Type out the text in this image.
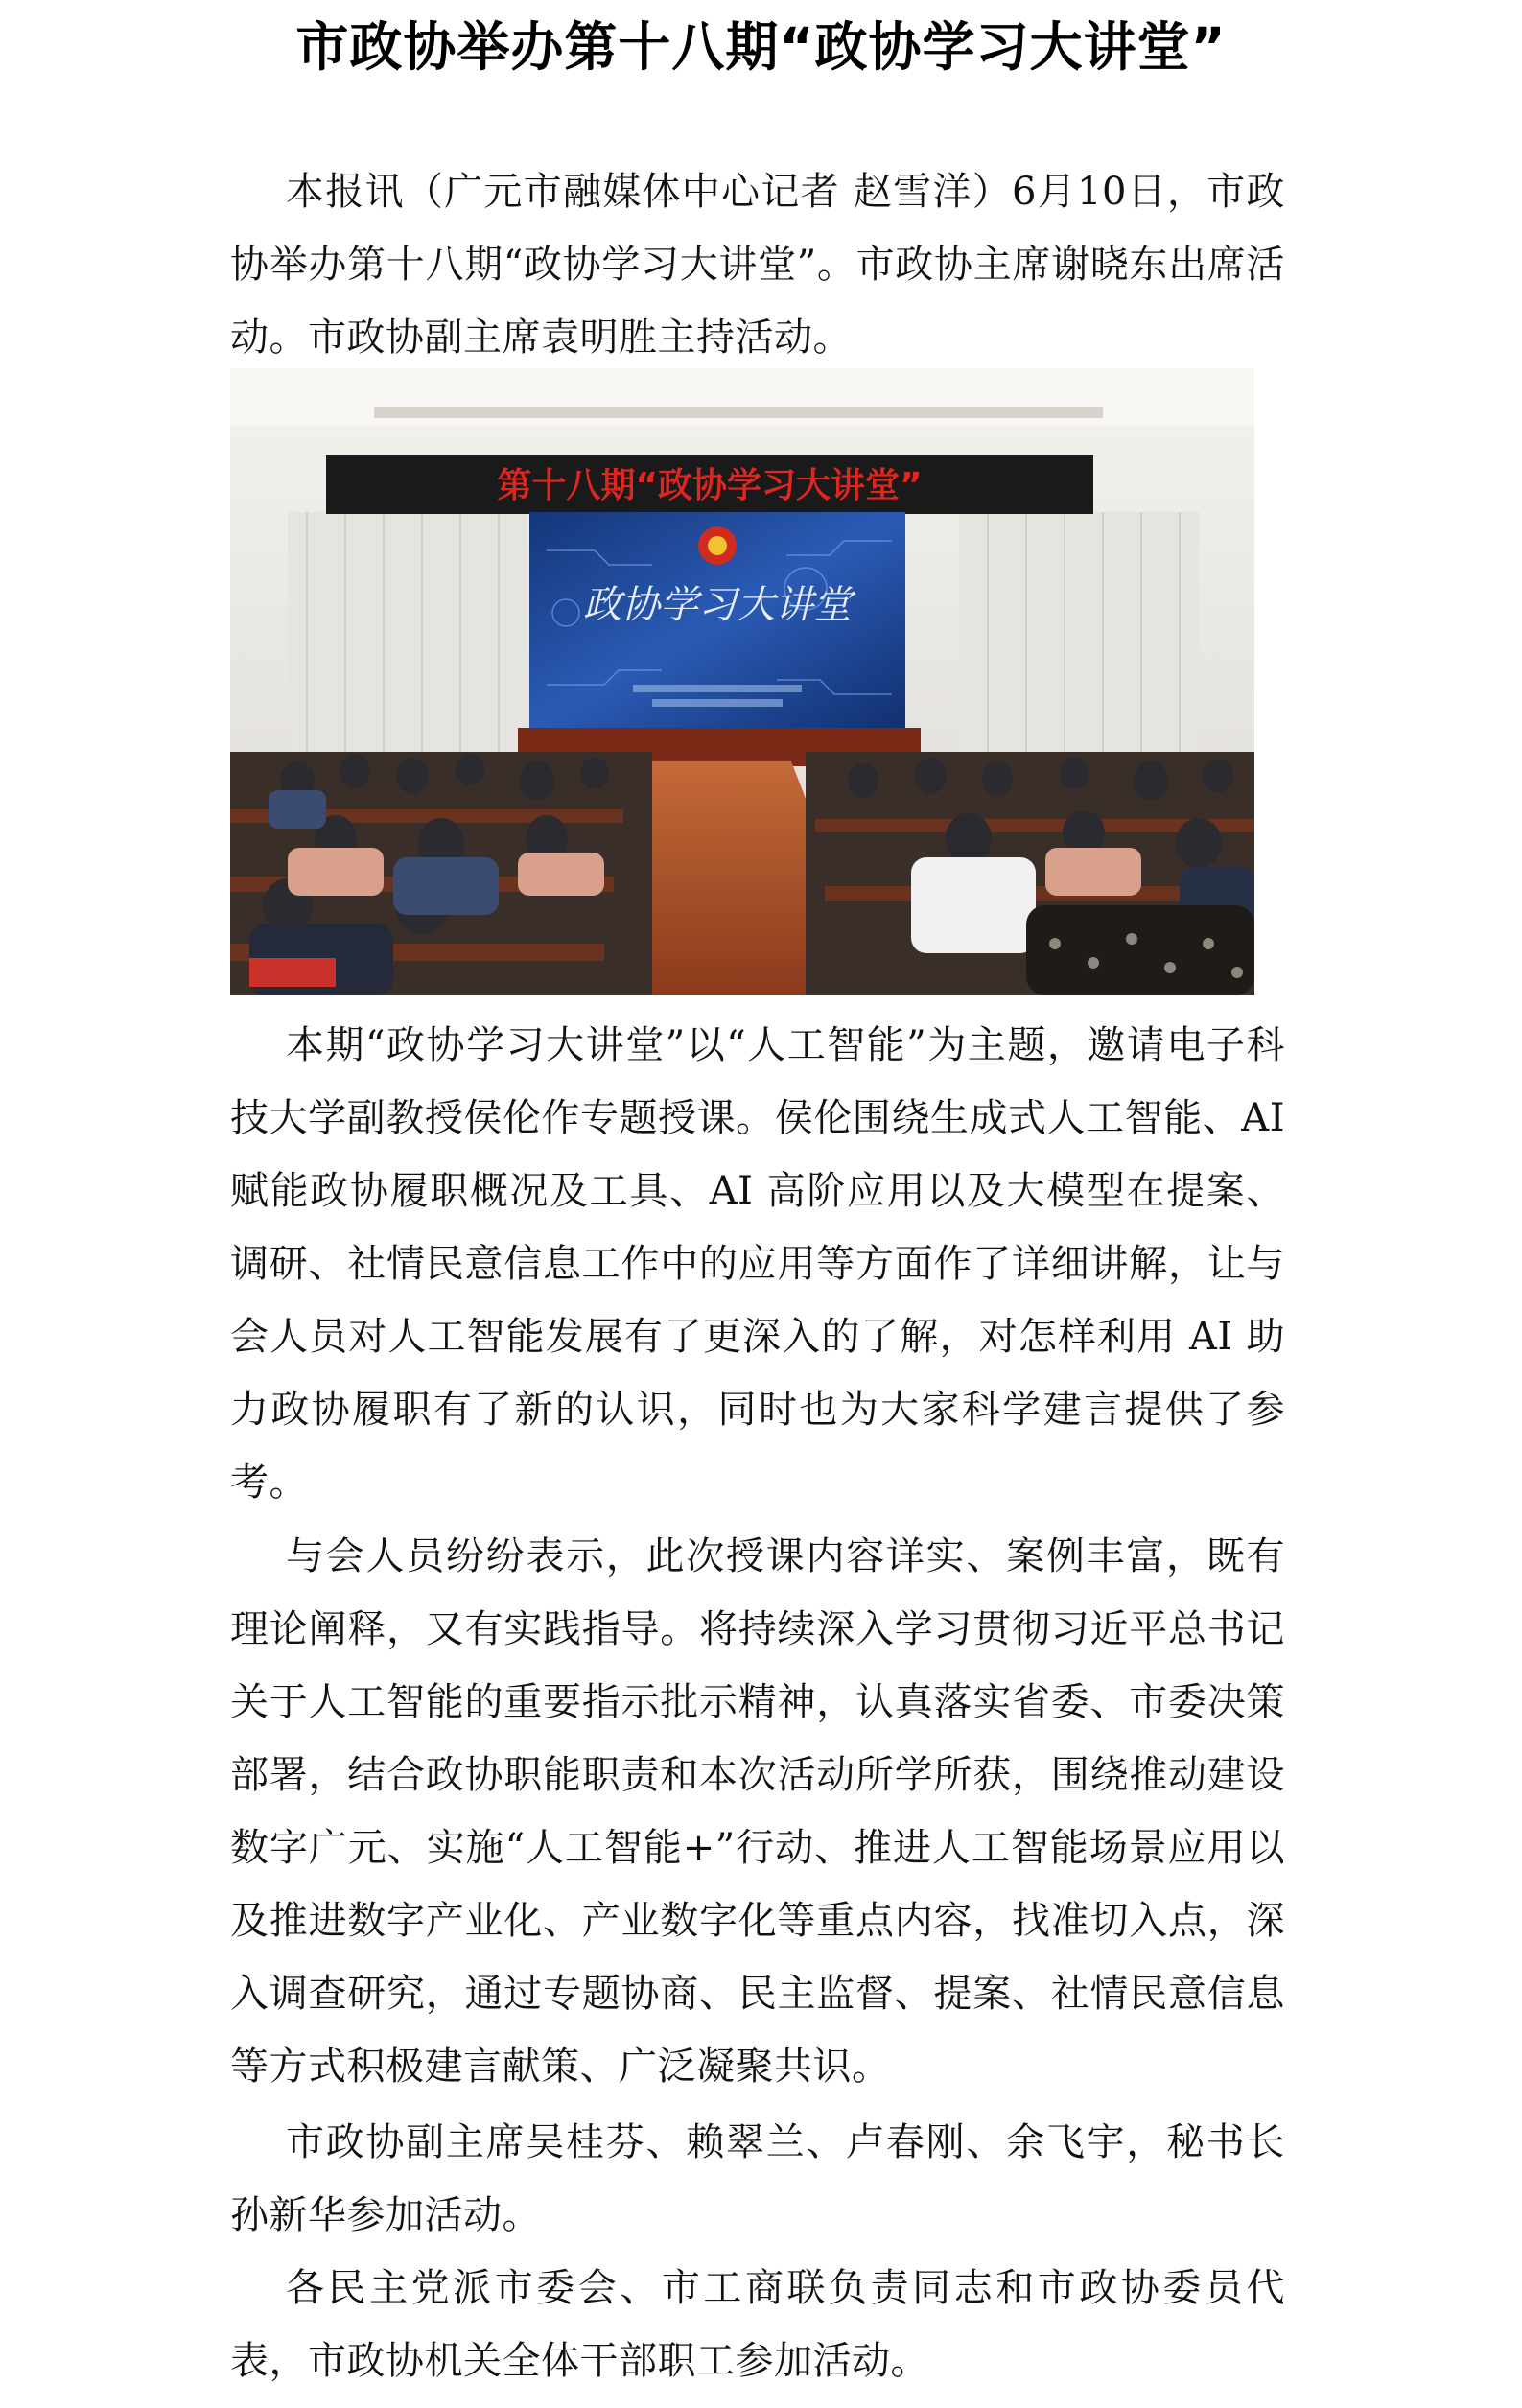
市政协举办第十八期“政协学习大讲堂”

本报讯（广元市融媒体中心记者 赵雪洋）6月10日，市政协举办第十八期“政协学习大讲堂”。市政协主席谢晓东出席活动。市政协副主席袁明胜主持活动。

第十八期“政协学习大讲堂”
政协学习大讲堂

本期“政协学习大讲堂”以“人工智能”为主题，邀请电子科技大学副教授侯伦作专题授课。侯伦围绕生成式人工智能、AI 赋能政协履职概况及工具、AI 高阶应用以及大模型在提案、调研、社情民意信息工作中的应用等方面作了详细讲解，让与会人员对人工智能发展有了更深入的了解，对怎样利用 AI 助力政协履职有了新的认识，同时也为大家科学建言提供了参考。

与会人员纷纷表示，此次授课内容详实、案例丰富，既有理论阐释，又有实践指导。将持续深入学习贯彻习近平总书记关于人工智能的重要指示批示精神，认真落实省委、市委决策部署，结合政协职能职责和本次活动所学所获，围绕推动建设数字广元、实施“人工智能+”行动、推进人工智能场景应用以及推进数字产业化、产业数字化等重点内容，找准切入点，深入调查研究，通过专题协商、民主监督、提案、社情民意信息等方式积极建言献策、广泛凝聚共识。

市政协副主席吴桂芬、赖翠兰、卢春刚、余飞宇，秘书长孙新华参加活动。

各民主党派市委会、市工商联负责同志和市政协委员代表，市政协机关全体干部职工参加活动。
